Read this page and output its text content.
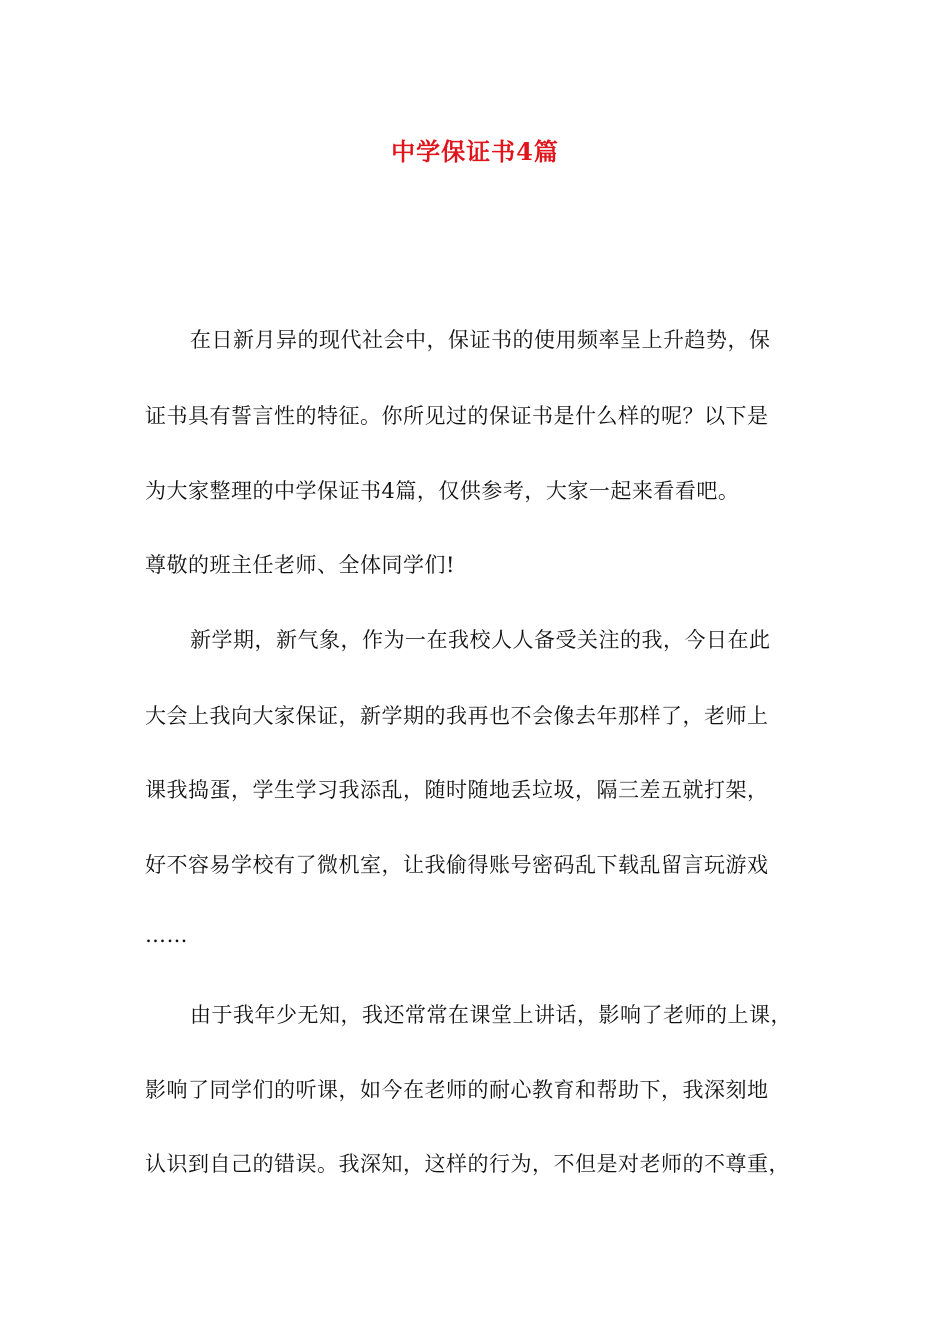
中学保证书4篇
在日新月异的现代社会中，保证书的使用频率呈上升趋势，保
证书具有誓言性的特征。你所见过的保证书是什么样的呢？以下是
为大家整理的中学保证书4篇，仅供参考，大家一起来看看吧。
尊敬的班主任老师、全体同学们!
新学期，新气象，作为一在我校人人备受关注的我，今日在此
大会上我向大家保证，新学期的我再也不会像去年那样了，老师上
课我捣蛋，学生学习我添乱，随时随地丢垃圾，隔三差五就打架，
好不容易学校有了微机室，让我偷得账号密码乱下载乱留言玩游戏
……
由于我年少无知，我还常常在课堂上讲话，影响了老师的上课，
影响了同学们的听课，如今在老师的耐心教育和帮助下，我深刻地
认识到自己的错误。我深知，这样的行为，不但是对老师的不尊重，
